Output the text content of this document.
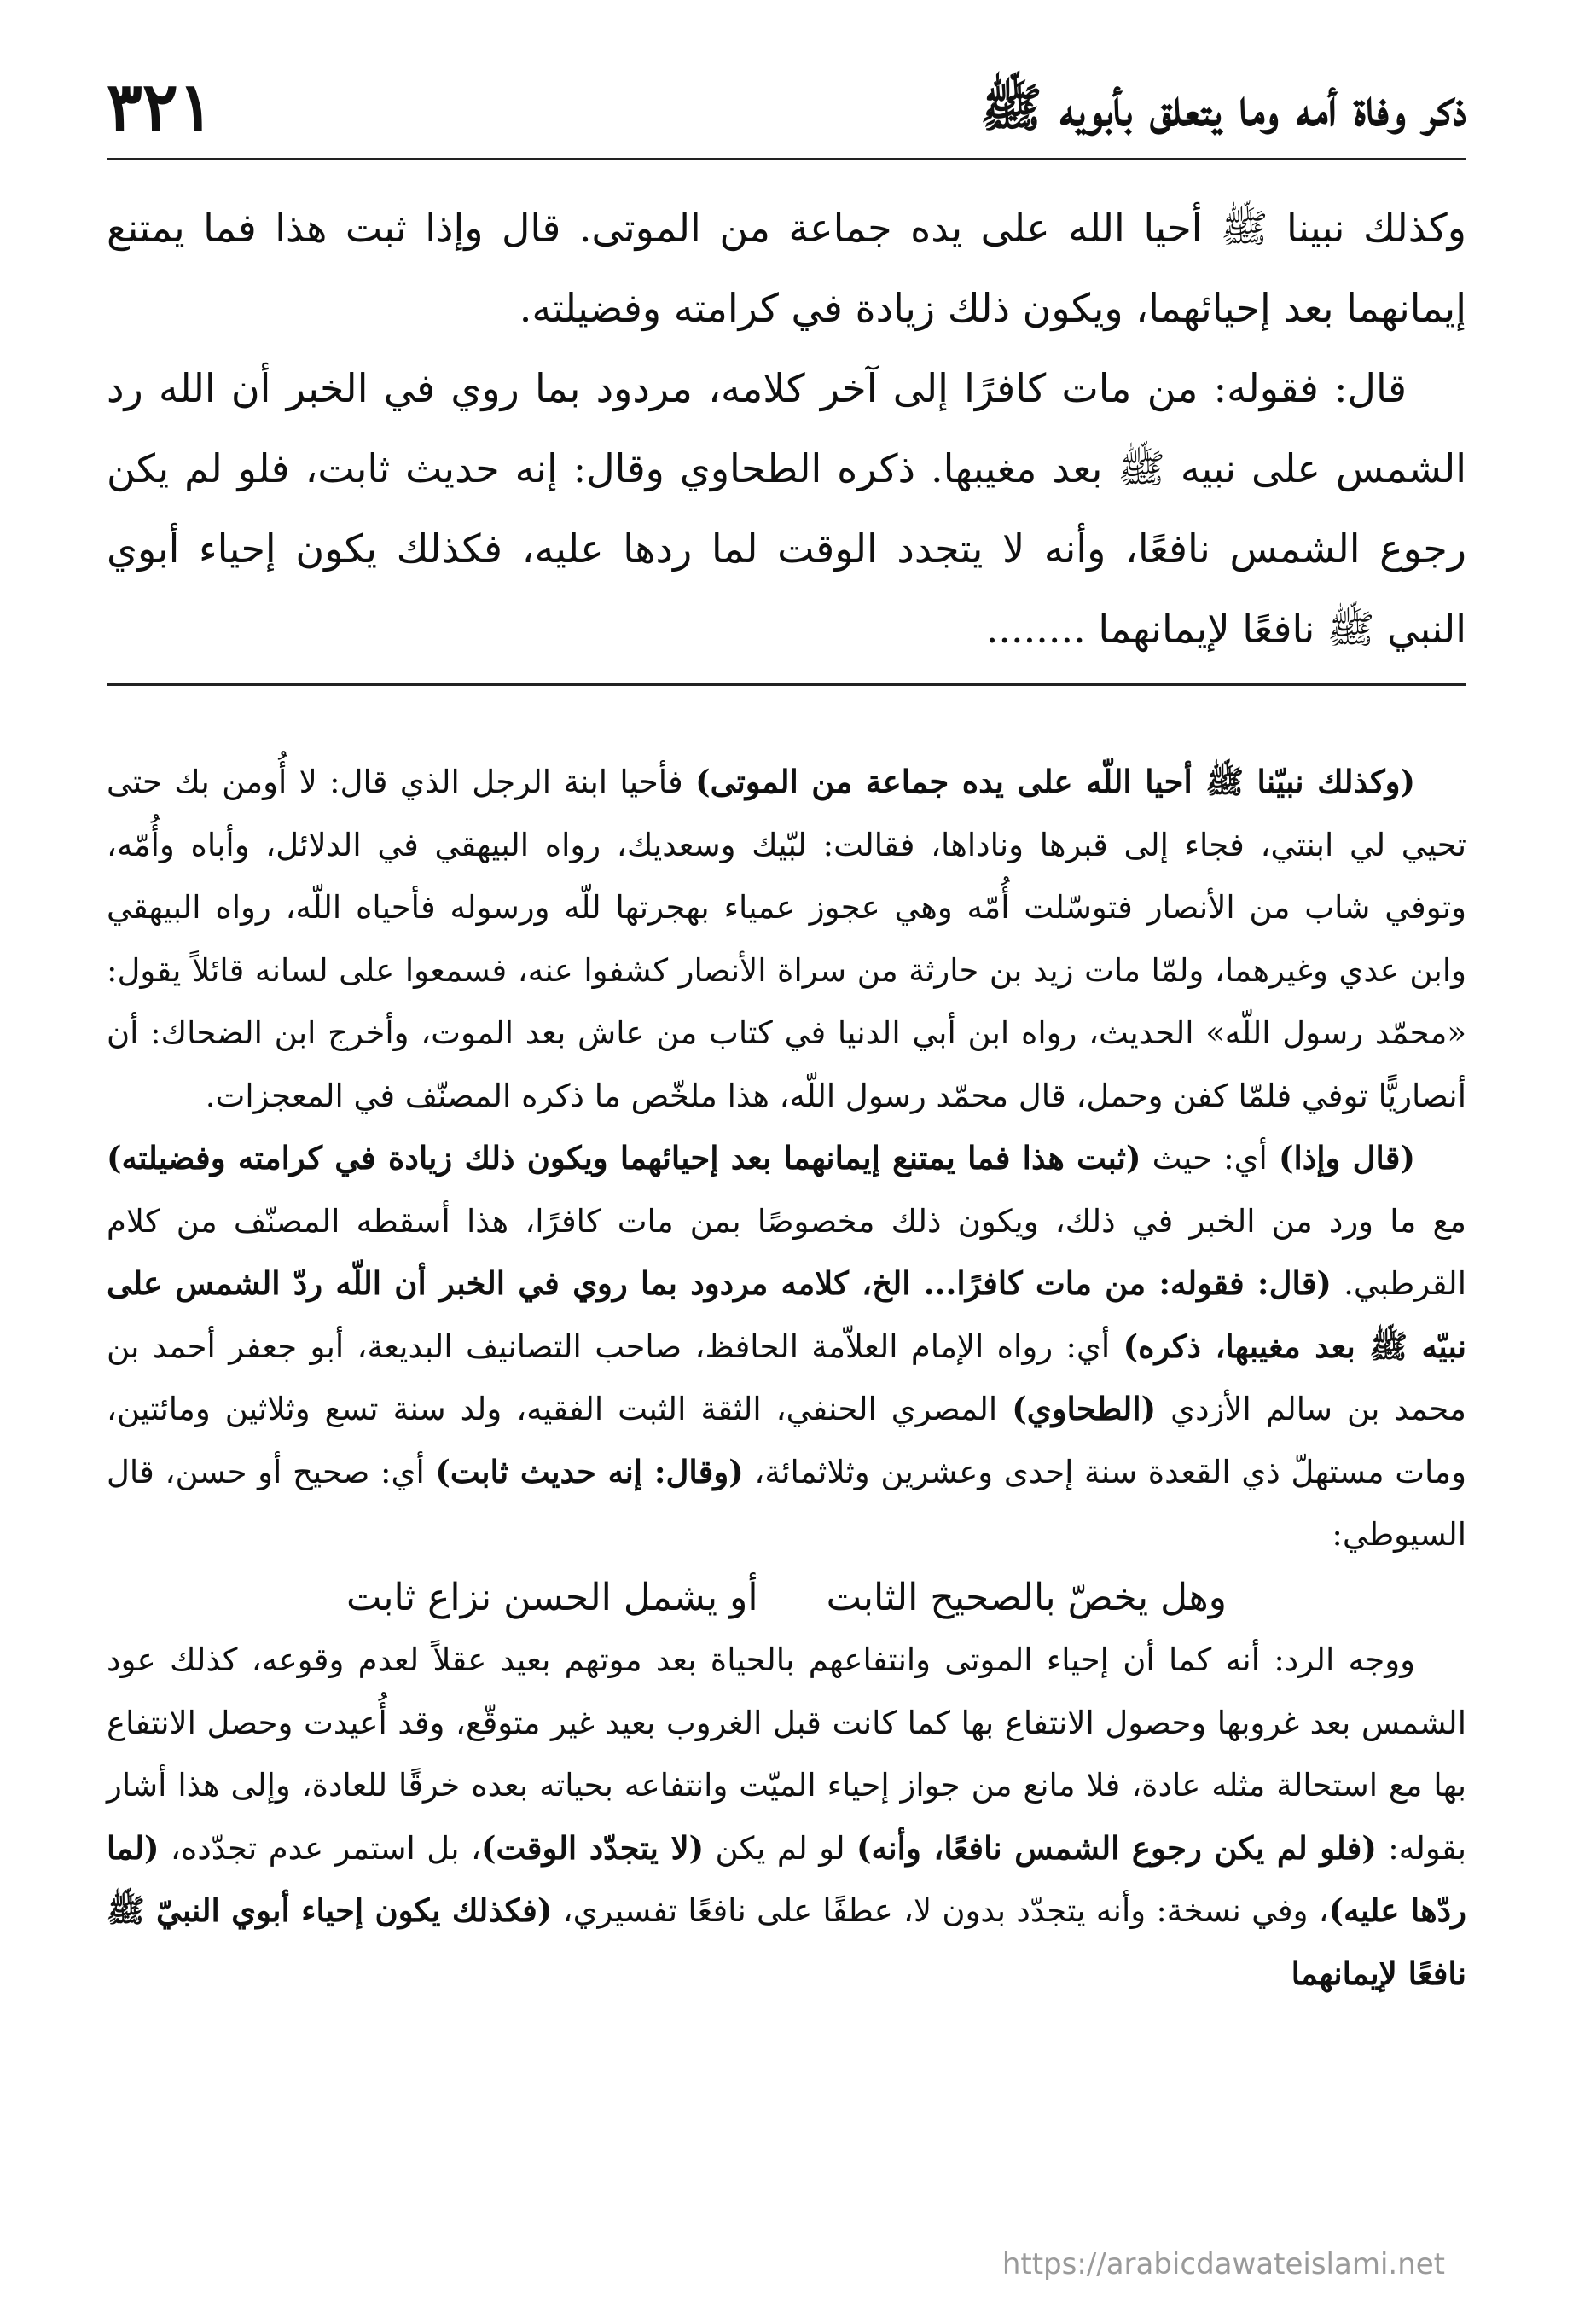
ذكر وفاة أمه وما يتعلق بأبويه ﷺ
٣٢١

وكذلك نبينا ﷺ أحيا الله على يده جماعة من الموتى. قال وإذا ثبت هذا فما يمتنع إيمانهما بعد إحيائهما، ويكون ذلك زيادة في كرامته وفضيلته.

قال: فقوله: من مات كافرًا إلى آخر كلامه، مردود بما روي في الخبر أن الله رد الشمس على نبيه ﷺ بعد مغيبها. ذكره الطحاوي وقال: إنه حديث ثابت، فلو لم يكن رجوع الشمس نافعًا، وأنه لا يتجدد الوقت لما ردها عليه، فكذلك يكون إحياء أبوي النبي ﷺ نافعًا لإيمانهما ........

(وكذلك نبيّنا ﷺ أحيا اللّه على يده جماعة من الموتى) فأحيا ابنة الرجل الذي قال: لا أُومن بك حتى تحيي لي ابنتي، فجاء إلى قبرها وناداها، فقالت: لبّيك وسعديك، رواه البيهقي في الدلائل، وأباه وأُمّه، وتوفي شاب من الأنصار فتوسّلت أُمّه وهي عجوز عمياء بهجرتها للّه ورسوله فأحياه اللّه، رواه البيهقي وابن عدي وغيرهما، ولمّا مات زيد بن حارثة من سراة الأنصار كشفوا عنه، فسمعوا على لسانه قائلاً يقول: «محمّد رسول اللّه» الحديث، رواه ابن أبي الدنيا في كتاب من عاش بعد الموت، وأخرج ابن الضحاك: أن أنصاريًّا توفي فلمّا كفن وحمل، قال محمّد رسول اللّه، هذا ملخّص ما ذكره المصنّف في المعجزات.

(قال وإذا) أي: حيث (ثبت هذا فما يمتنع إيمانهما بعد إحيائهما ويكون ذلك زيادة في كرامته وفضيلته) مع ما ورد من الخبر في ذلك، ويكون ذلك مخصوصًا بمن مات كافرًا، هذا أسقطه المصنّف من كلام القرطبي. (قال: فقوله: من مات كافرًا... الخ، كلامه مردود بما روي في الخبر أن اللّه ردّ الشمس على نبيّه ﷺ بعد مغيبها، ذكره) أي: رواه الإمام العلاّمة الحافظ، صاحب التصانيف البديعة، أبو جعفر أحمد بن محمد بن سالم الأزدي (الطحاوي) المصري الحنفي، الثقة الثبت الفقيه، ولد سنة تسع وثلاثين ومائتين، ومات مستهلّ ذي القعدة سنة إحدى وعشرين وثلاثمائة، (وقال: إنه حديث ثابت) أي: صحيح أو حسن، قال السيوطي:

وهل يخصّ بالصحيح الثابتأو يشمل الحسن نزاع ثابت

ووجه الرد: أنه كما أن إحياء الموتى وانتفاعهم بالحياة بعد موتهم بعيد عقلاً لعدم وقوعه، كذلك عود الشمس بعد غروبها وحصول الانتفاع بها كما كانت قبل الغروب بعيد غير متوقّع، وقد أُعيدت وحصل الانتفاع بها مع استحالة مثله عادة، فلا مانع من جواز إحياء الميّت وانتفاعه بحياته بعده خرقًا للعادة، وإلى هذا أشار بقوله: (فلو لم يكن رجوع الشمس نافعًا، وأنه) لو لم يكن (لا يتجدّد الوقت)، بل استمر عدم تجدّده، (لما ردّها عليه)، وفي نسخة: وأنه يتجدّد بدون لا، عطفًا على نافعًا تفسيري، (فكذلك يكون إحياء أبوي النبيّ ﷺ نافعًا لإيمانهما

https://arabicdawateislami.net
